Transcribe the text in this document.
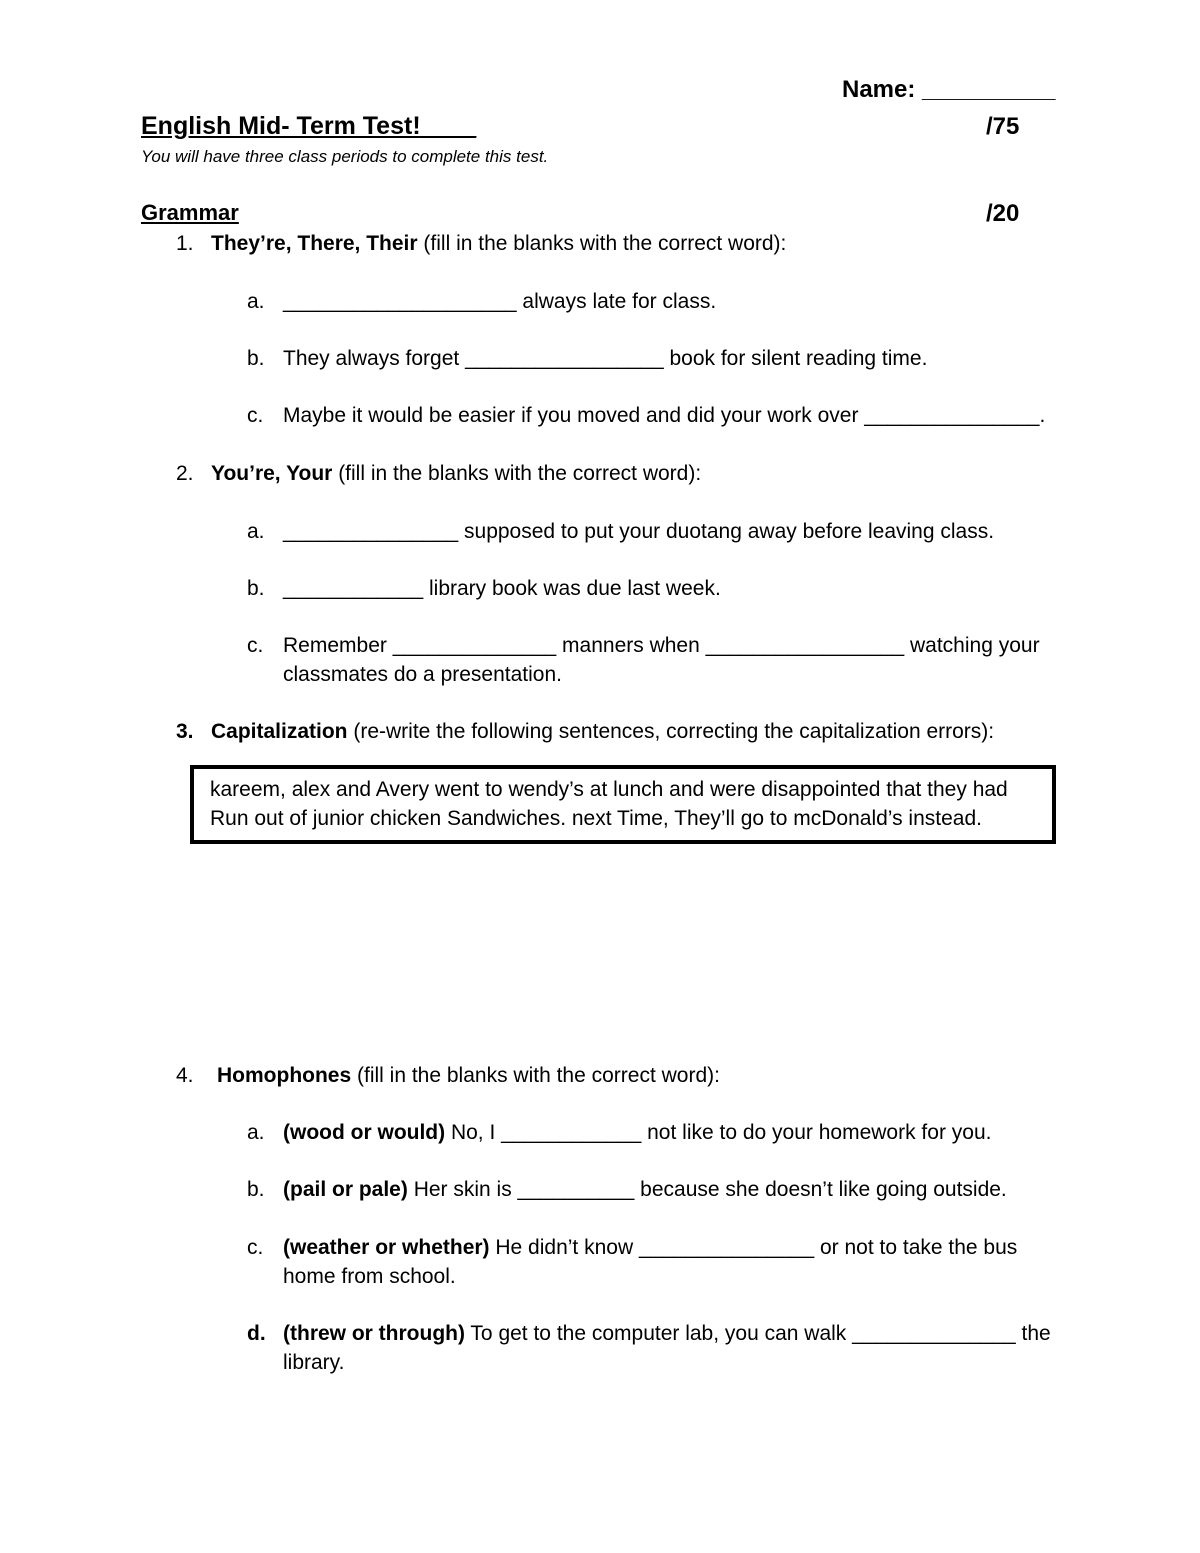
Name: __________
English Mid- Term Test!____	/75
You will have three class periods to complete this test.
Grammar	/20
1. They’re, There, Their (fill in the blanks with the correct word):
a. ____________________ always late for class.
b. They always forget _________________ book for silent reading time.
c. Maybe it would be easier if you moved and did your work over _______________.
2. You’re, Your (fill in the blanks with the correct word):
a. _______________ supposed to put your duotang away before leaving class.
b. ____________ library book was due last week.
c. Remember ______________ manners when _________________ watching your
classmates do a presentation.
3. Capitalization (re-write the following sentences, correcting the capitalization errors):
kareem, alex and Avery went to wendy’s at lunch and were disappointed that they had
Run out of junior chicken Sandwiches. next Time, They’ll go to mcDonald’s instead.
4. Homophones (fill in the blanks with the correct word):
a. (wood or would) No, I ____________ not like to do your homework for you.
b. (pail or pale) Her skin is __________ because she doesn’t like going outside.
c. (weather or whether) He didn’t know _______________ or not to take the bus
home from school.
d. (threw or through) To get to the computer lab, you can walk ______________ the
library.
